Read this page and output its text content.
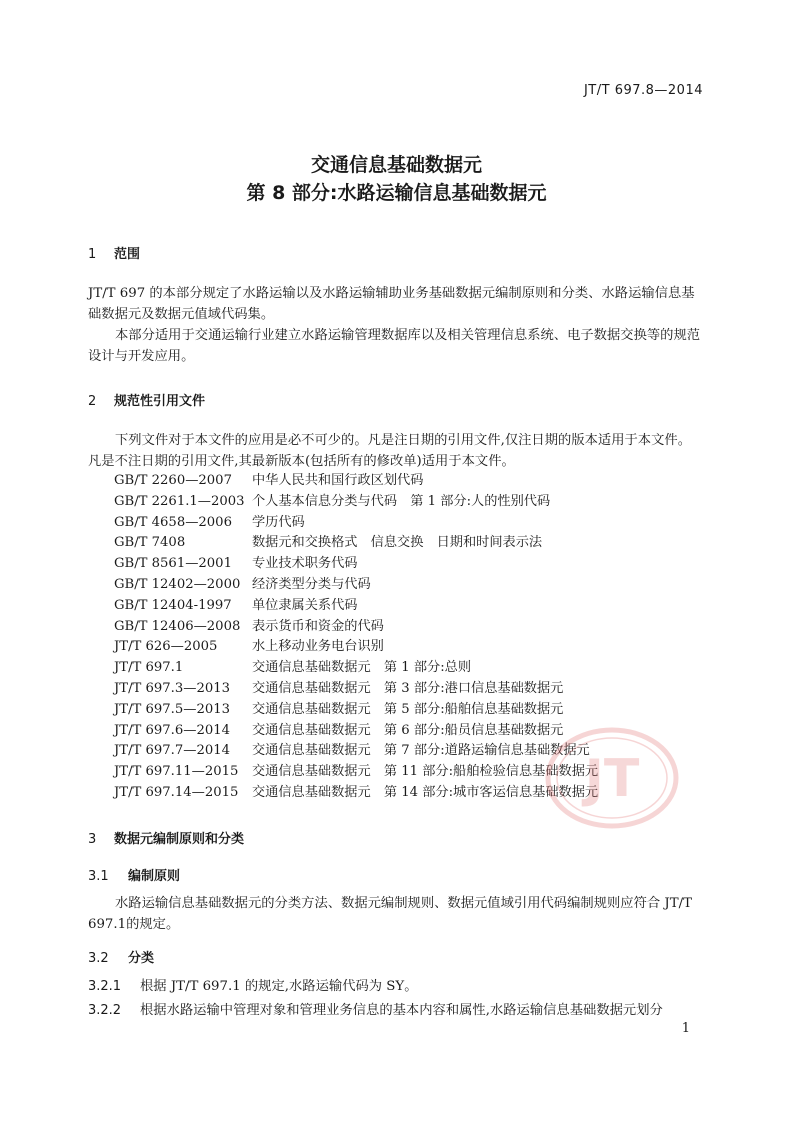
JT/T 697.8—2014
交通信息基础数据元
第 8 部分:水路运输信息基础数据元
1 范围

JT/T 697 的本部分规定了水路运输以及水路运输辅助业务基础数据元编制原则和分类、水路运输信息基础数据元及数据元值域代码集。

本部分适用于交通运输行业建立水路运输管理数据库以及相关管理信息系统、电子数据交换等的规范设计与开发应用。

2 规范性引用文件

下列文件对于本文件的应用是必不可少的。凡是注日期的引用文件,仅注日期的版本适用于本文件。凡是不注日期的引用文件,其最新版本(包括所有的修改单)适用于本文件。

GB/T 2260—2007 中华人民共和国行政区划代码
GB/T 2261.1—2003 个人基本信息分类与代码　第 1 部分:人的性别代码
GB/T 4658—2006 学历代码
GB/T 7408	数据元和交换格式　信息交换　日期和时间表示法
GB/T 8561—2001 专业技术职务代码
GB/T 12402—2000 经济类型分类与代码
GB/T 12404-1997 单位隶属关系代码
GB/T 12406—2008 表示货币和资金的代码
JT/T 626—2005	水上移动业务电台识别
JT/T 697.1	交通信息基础数据元　第 1 部分:总则
JT/T 697.3—2013 交通信息基础数据元　第 3 部分:港口信息基础数据元
JT/T 697.5—2013 交通信息基础数据元　第 5 部分:船舶信息基础数据元
JT/T 697.6—2014 交通信息基础数据元　第 6 部分:船员信息基础数据元
JT/T 697.7—2014 交通信息基础数据元　第 7 部分:道路运输信息基础数据元
JT/T 697.11—2015 交通信息基础数据元　第 11 部分:船舶检验信息基础数据元
JT/T 697.14—2015 交通信息基础数据元　第 14 部分:城市客运信息基础数据元
JT
3 数据元编制原则和分类
3.1 编制原则

水路运输信息基础数据元的分类方法、数据元编制规则、数据元值域引用代码编制规则应符合 JT/T 697.1的规定。

3.2 分类
3.2.1 根据 JT/T 697.1 的规定,水路运输代码为 SY。
3.2.2 根据水路运输中管理对象和管理业务信息的基本内容和属性,水路运输信息基础数据元划分
1
